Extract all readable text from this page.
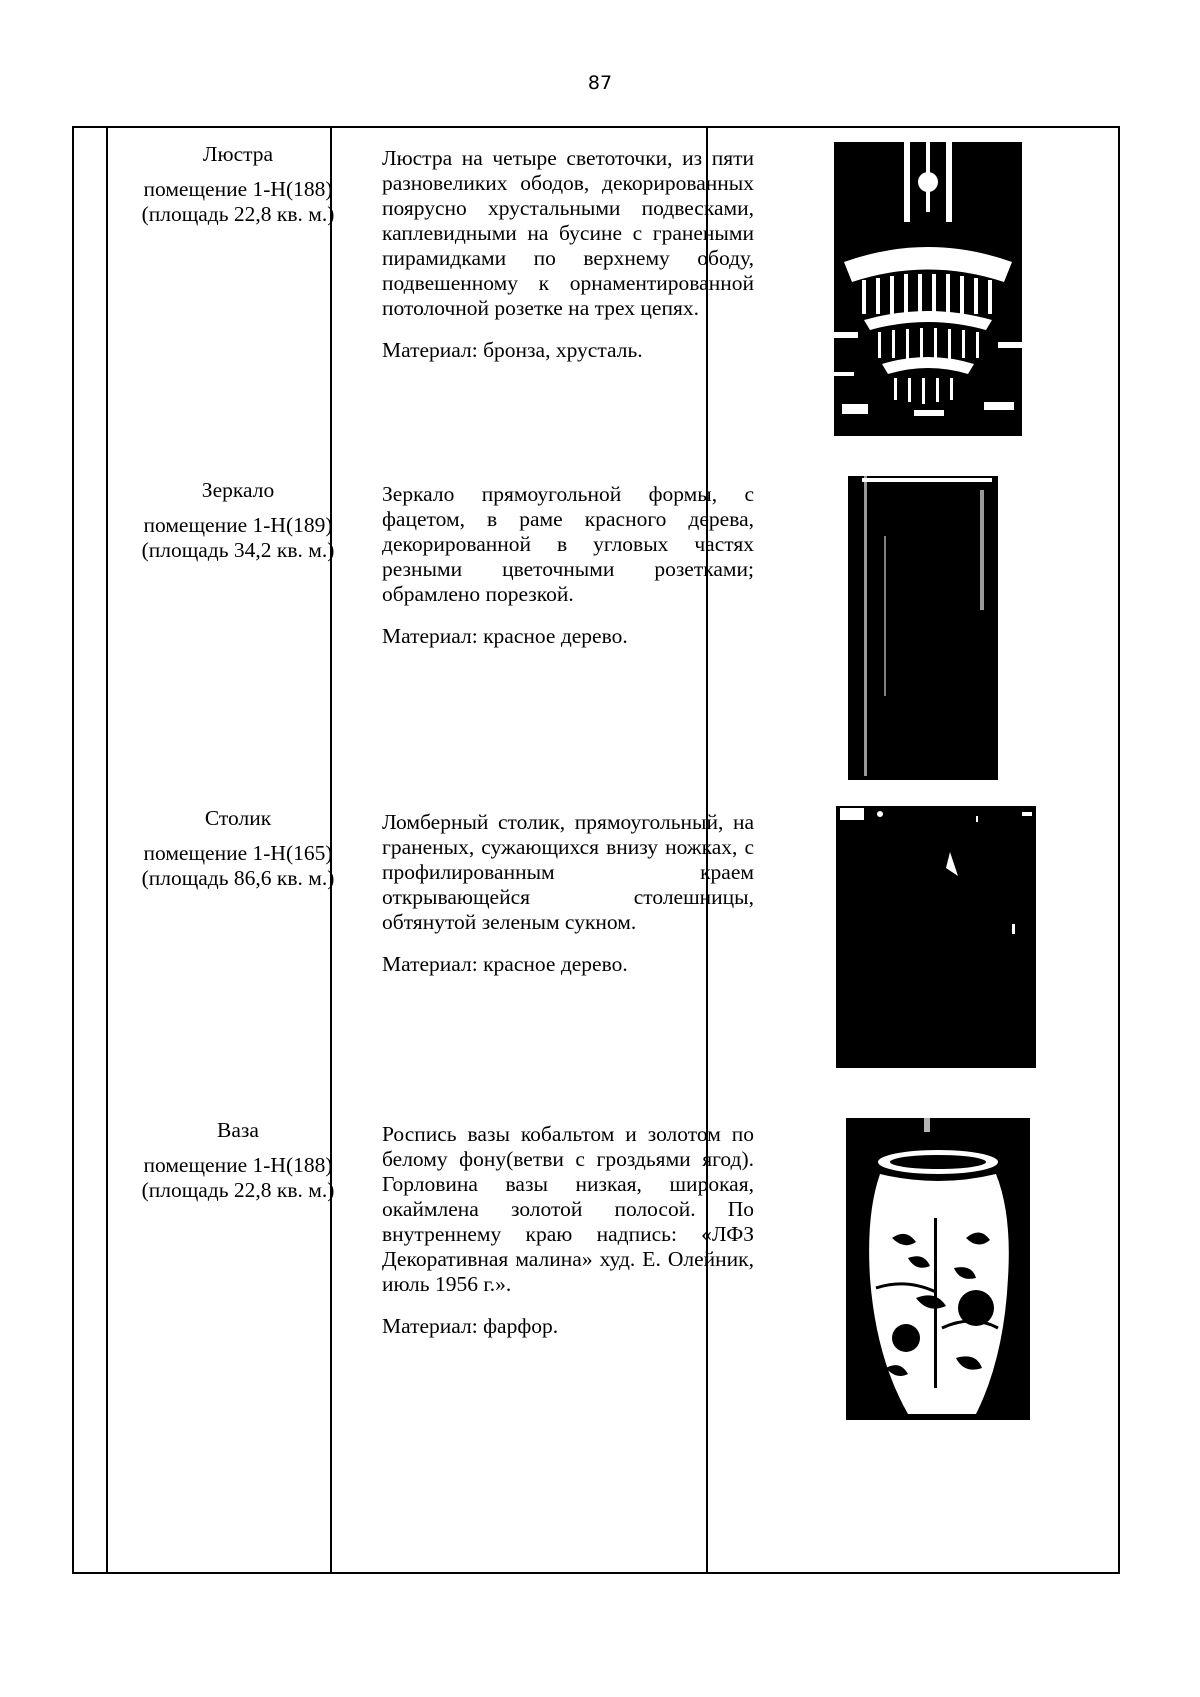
87
Люстра
помещение 1-Н(188)
(площадь 22,8 кв. м.)

Люстра на четыре светоточки, из пяти разновеликих ободов, декорированных поярусно хрустальными подвесками, каплевидными на бусине с гранеными пирамидками по верхнему ободу, подвешенному к орнаментированной потолочной розетке на трех цепях.

Материал: бронза, хрусталь.

Зеркало
помещение 1-Н(189)
(площадь 34,2 кв. м.)

Зеркало прямоугольной формы, с фацетом, в раме красного дерева, декорированной в угловых частях резными цветочными розетками; обрамлено порезкой.

Материал: красное дерево.

Столик
помещение 1-Н(165)
(площадь 86,6 кв. м.)

Ломберный столик, прямоугольный, на граненых, сужающихся внизу ножках, с профилированным краем открывающейся столешницы, обтянутой зеленым сукном.

Материал: красное дерево.

Ваза
помещение 1-Н(188)
(площадь 22,8 кв. м.)

Роспись вазы кобальтом и золотом по белому фону(ветви с гроздьями ягод). Горловина вазы низкая, широкая, окаймлена золотой полосой. По внутреннему краю надпись: «ЛФЗ Декоративная малина» худ. Е. Олейник, июль 1956 г.».

Материал: фарфор.
